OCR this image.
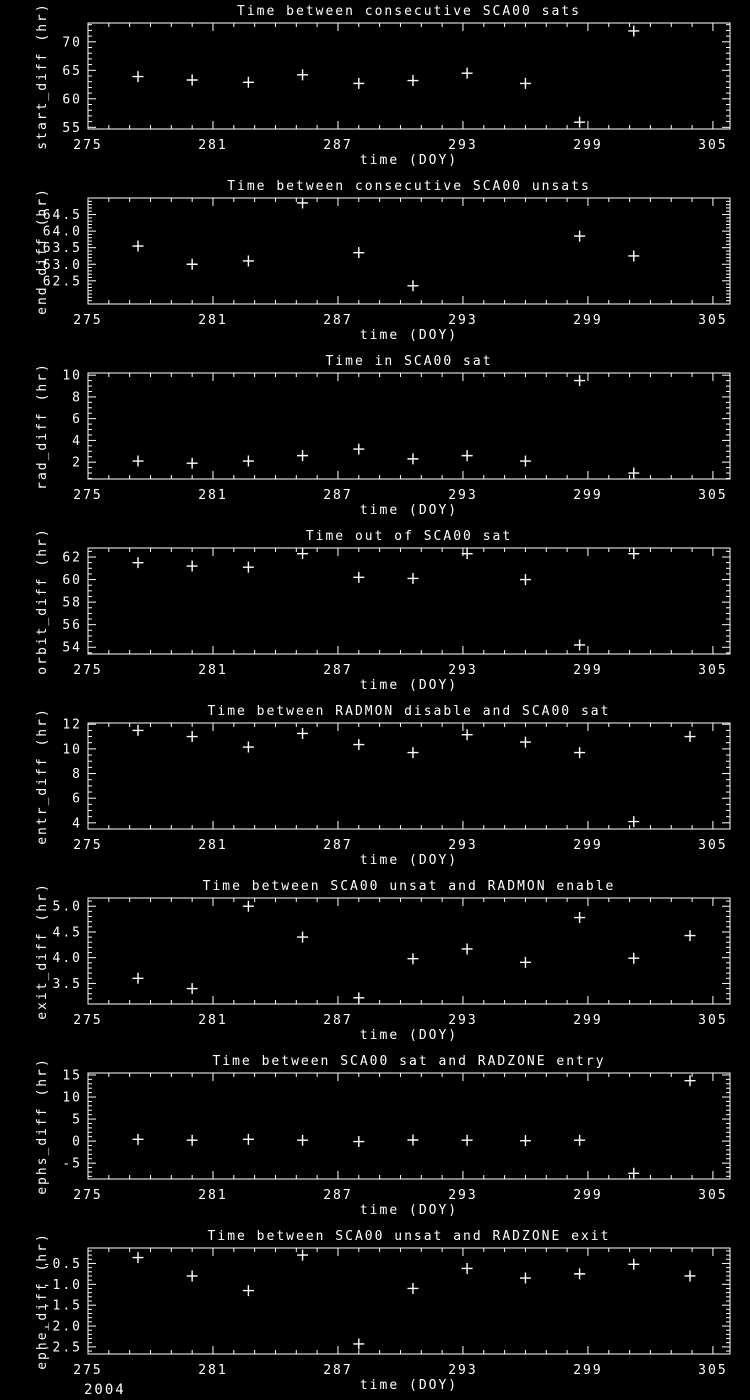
275	281	287	293	299	305
55
60
65
70
Time between consecutive SCA00 sats
time (DOY)
start_diff (hr)
275	281	287	293	299	305
62.5
63.0
63.5
64.0
64.5
Time between consecutive SCA00 unsats
time (DOY)
end_diff (hr)
275	281	287	293	299	305
2
4
6
8
10
Time in SCA00 sat
time (DOY)
rad_diff (hr)
275	281	287	293	299	305
54
56
58
60
62
Time out of SCA00 sat
time (DOY)
orbit_diff (hr)
275	281	287	293	299	305
4
6
8
10
12
Time between RADMON disable and SCA00 sat
time (DOY)
entr_diff (hr)
275	281	287	293	299	305
3.5
4.0
4.5
5.0
Time between SCA00 unsat and RADMON enable
time (DOY)
exit_diff (hr)
275	281	287	293	299	305
-5
0
5
10
15
Time between SCA00 sat and RADZONE entry
time (DOY)
ephs_diff (hr)
275	281	287	293	299	305
-2.5
-2.0
-1.5
-1.0
-0.5
Time between SCA00 unsat and RADZONE exit
time (DOY)
ephe_diff (hr)
2004
